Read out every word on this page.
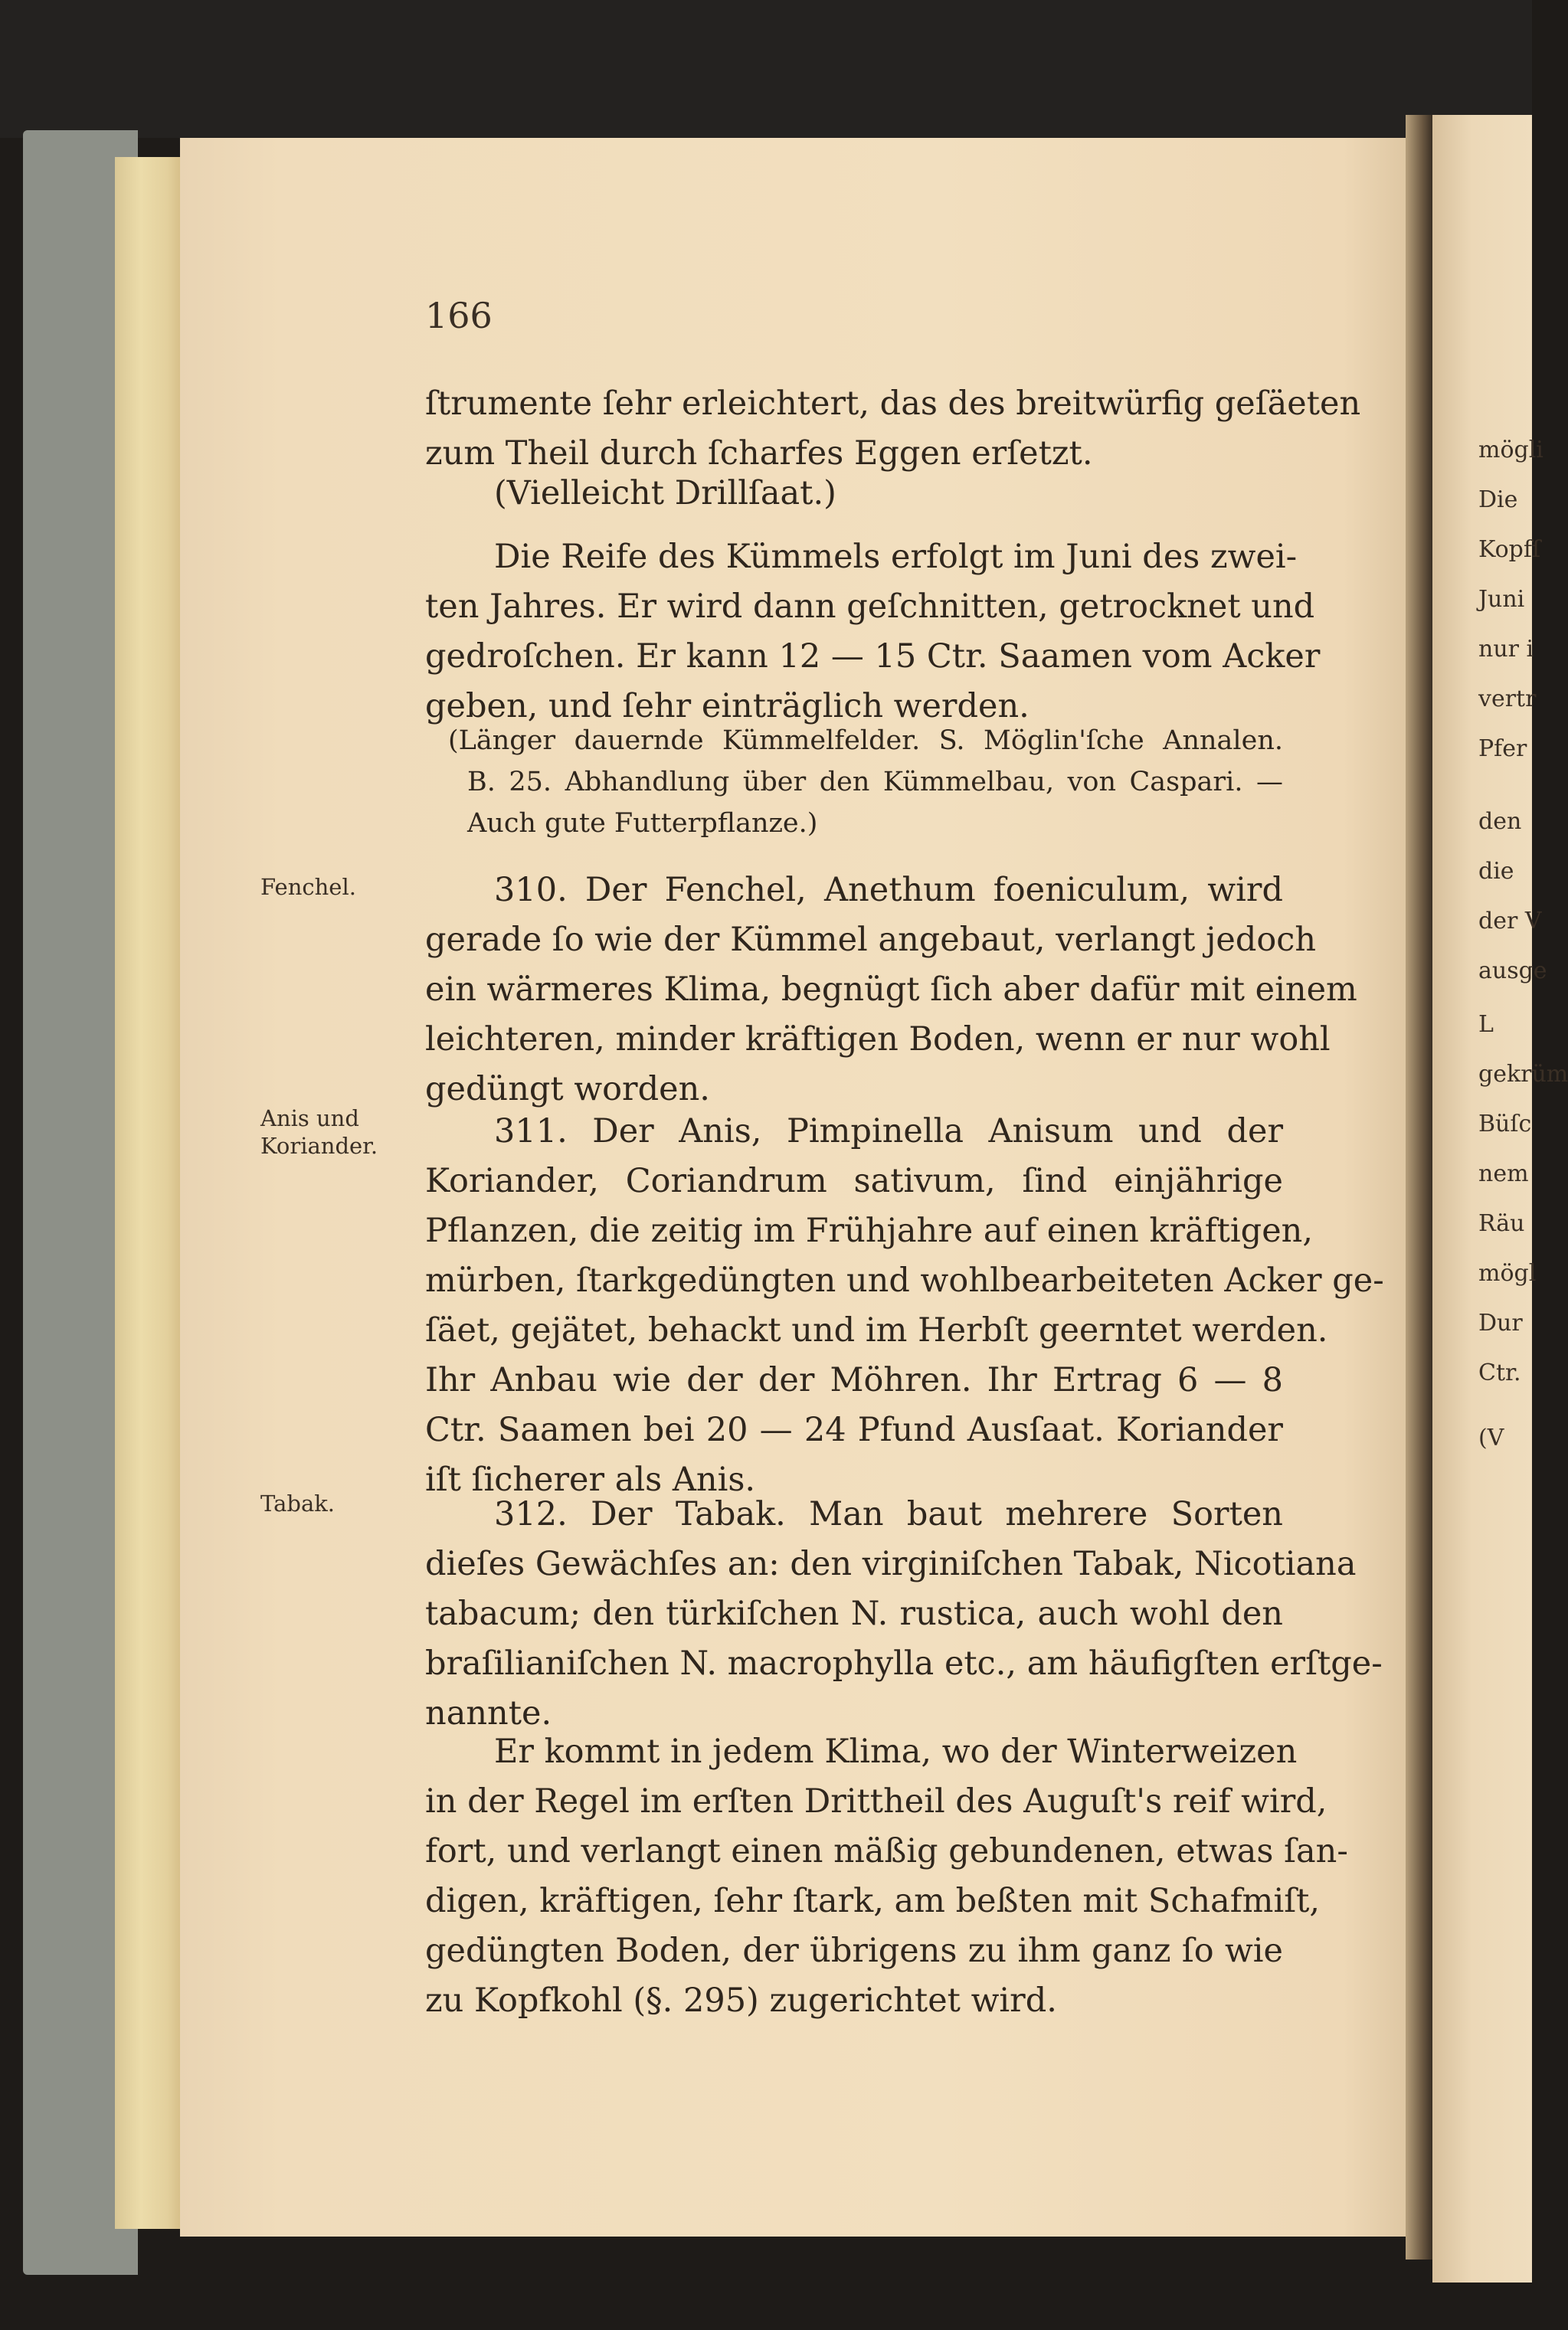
mögli
Die
Kopfſ
Juni
nur i
vertr
Pfer
den
die
der V
ausge
L
gekrüm
Büſc
nem
Räu
mögl
Dur
Ctr.
(V
166
ſtrumente ſehr erleichtert, das des breitwürfig geſäeten
zum Theil durch ſcharfes Eggen erſetzt.
(Vielleicht Drillſaat.)
Die Reife des Kümmels erfolgt im Juni des zwei-
ten Jahres. Er wird dann geſchnitten, getrocknet und
gedroſchen. Er kann 12 — 15 Ctr. Saamen vom Acker
geben, und ſehr einträglich werden.
(Länger dauernde Kümmelfelder. S. Möglin'ſche Annalen.
B. 25. Abhandlung über den Kümmelbau, von Caspari. —
Auch gute Futterpflanze.)
Fenchel.	310. Der Fenchel, Anethum foeniculum, wird
gerade ſo wie der Kümmel angebaut, verlangt jedoch
ein wärmeres Klima, begnügt ſich aber dafür mit einem
leichteren, minder kräftigen Boden, wenn er nur wohl
gedüngt worden.
Anis und
Koriander.	311. Der Anis, Pimpinella Anisum und der
Koriander, Coriandrum sativum, ſind einjährige
Pflanzen, die zeitig im Frühjahre auf einen kräftigen,
mürben, ſtarkgedüngten und wohlbearbeiteten Acker ge-
ſäet, gejätet, behackt und im Herbſt geerntet werden.
Ihr Anbau wie der der Möhren. Ihr Ertrag 6 — 8
Ctr. Saamen bei 20 — 24 Pfund Ausſaat. Koriander
iſt ſicherer als Anis.
Tabak.	312. Der Tabak. Man baut mehrere Sorten
dieſes Gewächſes an: den virginiſchen Tabak, Nicotiana
tabacum; den türkiſchen N. rustica, auch wohl den
braſilianiſchen N. macrophylla etc., am häufigſten erſtge-
nannte.
Er kommt in jedem Klima, wo der Winterweizen
in der Regel im erſten Drittheil des Auguſt's reif wird,
fort, und verlangt einen mäßig gebundenen, etwas ſan-
digen, kräftigen, ſehr ſtark, am beßten mit Schafmiſt,
gedüngten Boden, der übrigens zu ihm ganz ſo wie
zu Kopfkohl (§. 295) zugerichtet wird.
